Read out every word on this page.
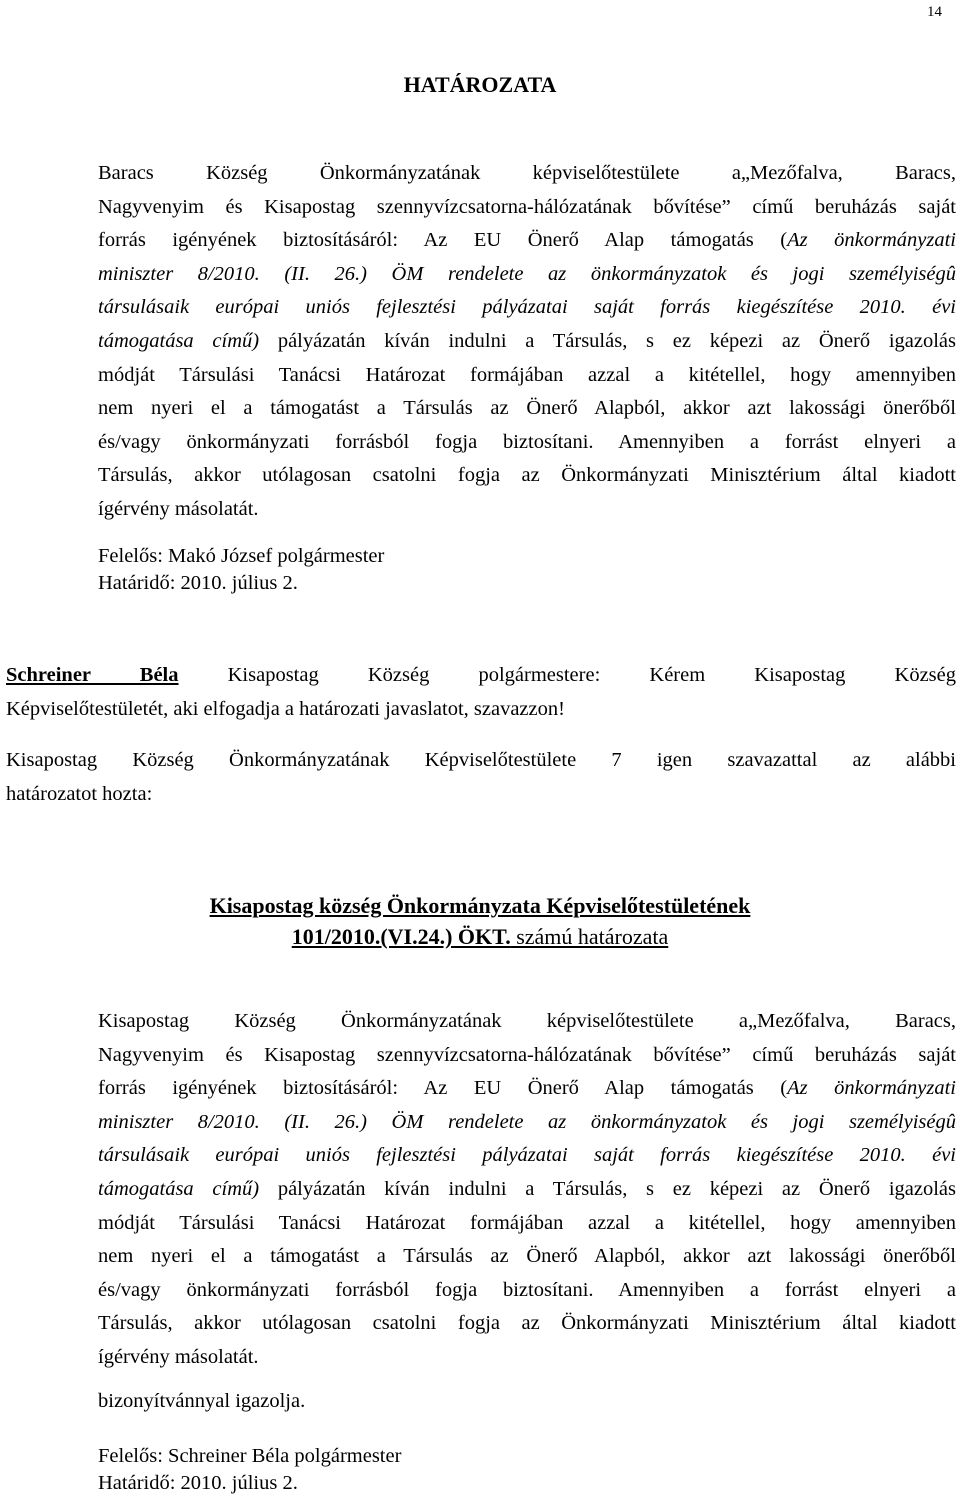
14
HATÁROZATA
Baracs Község Önkormányzatának képviselőtestülete a„Mezőfalva, Baracs,
Nagyvenyim és Kisapostag szennyvízcsatorna-hálózatának bővítése” című beruházás saját
forrás igényének biztosításáról: Az EU Önerő Alap támogatás (Az önkormányzati
miniszter 8/2010. (II. 26.) ÖM rendelete az önkormányzatok és jogi személyiségû
társulásaik európai uniós fejlesztési pályázatai saját forrás kiegészítése 2010. évi
támogatása című) pályázatán kíván indulni a Társulás, s ez képezi az Önerő igazolás
módját Társulási Tanácsi Határozat formájában azzal a kitétellel, hogy amennyiben
nem nyeri el a támogatást a Társulás az Önerő Alapból, akkor azt lakossági önerőből
és/vagy önkormányzati forrásból fogja biztosítani. Amennyiben a forrást elnyeri a
Társulás, akkor utólagosan csatolni fogja az Önkormányzati Minisztérium által kiadott
ígérvény másolatát.
Felelős: Makó József polgármester
Határidő: 2010. július 2.
Schreiner Béla Kisapostag Község polgármestere: Kérem Kisapostag Község
Képviselőtestületét, aki elfogadja a határozati javaslatot, szavazzon!
Kisapostag Község Önkormányzatának Képviselőtestülete 7 igen szavazattal az alábbi
határozatot hozta:
Kisapostag község Önkormányzata Képviselőtestületének
101/2010.(VI.24.) ÖKT. számú határozata
Kisapostag Község Önkormányzatának képviselőtestülete a„Mezőfalva, Baracs,
Nagyvenyim és Kisapostag szennyvízcsatorna-hálózatának bővítése” című beruházás saját
forrás igényének biztosításáról: Az EU Önerő Alap támogatás (Az önkormányzati
miniszter 8/2010. (II. 26.) ÖM rendelete az önkormányzatok és jogi személyiségû
társulásaik európai uniós fejlesztési pályázatai saját forrás kiegészítése 2010. évi
támogatása című) pályázatán kíván indulni a Társulás, s ez képezi az Önerő igazolás
módját Társulási Tanácsi Határozat formájában azzal a kitétellel, hogy amennyiben
nem nyeri el a támogatást a Társulás az Önerő Alapból, akkor azt lakossági önerőből
és/vagy önkormányzati forrásból fogja biztosítani. Amennyiben a forrást elnyeri a
Társulás, akkor utólagosan csatolni fogja az Önkormányzati Minisztérium által kiadott
ígérvény másolatát.
bizonyítvánnyal igazolja.
Felelős: Schreiner Béla polgármester
Határidő: 2010. július 2.
